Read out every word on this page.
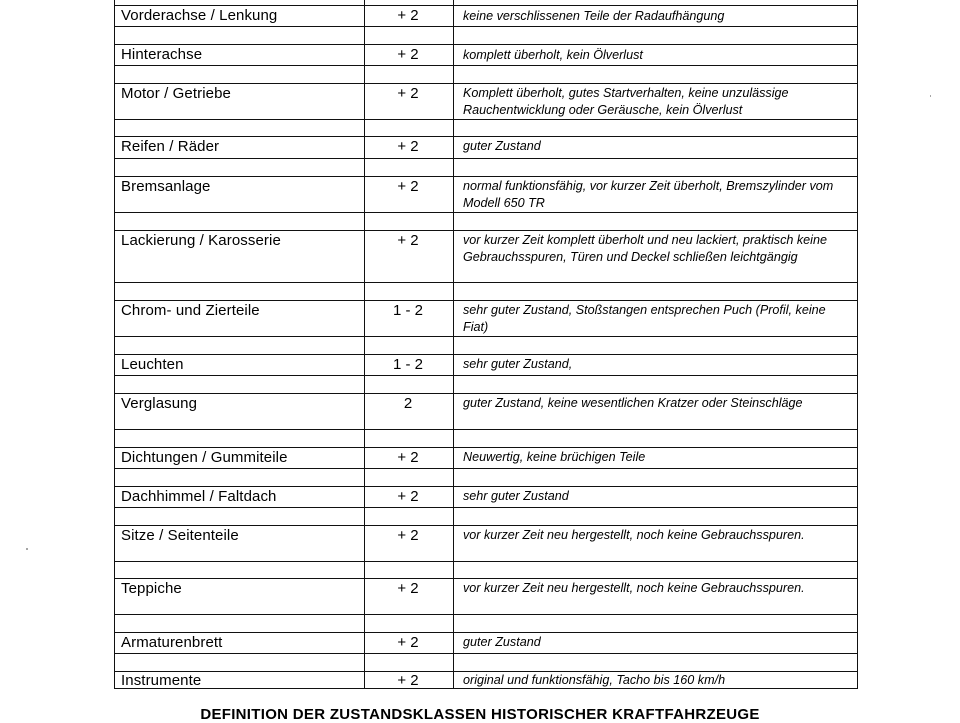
Vorderachse / Lenkung	+ 2	keine verschlissenen Teile der Radaufhängung
Hinterachse	+ 2	komplett überholt, kein Ölverlust
Motor / Getriebe	+ 2	Komplett überholt, gutes Startverhalten, keine unzulässige Rauchentwicklung oder Geräusche, kein Ölverlust
Reifen / Räder	+ 2	guter Zustand
Bremsanlage	+ 2	normal funktionsfähig, vor kurzer Zeit überholt, Bremszylinder vom Modell 650 TR
Lackierung / Karosserie	+ 2	vor kurzer Zeit komplett überholt und neu lackiert, praktisch keine Gebrauchsspuren, Türen und Deckel schließen leichtgängig
Chrom- und Zierteile	1 - 2	sehr guter Zustand, Stoßstangen entsprechen Puch (Profil, keine Fiat)
Leuchten	1 - 2	sehr guter Zustand,
Verglasung	2	guter Zustand, keine wesentlichen Kratzer oder Steinschläge
Dichtungen / Gummiteile	+ 2	Neuwertig, keine brüchigen Teile
Dachhimmel / Faltdach	+ 2	sehr guter Zustand
Sitze / Seitenteile	+ 2	vor kurzer Zeit neu hergestellt, noch keine Gebrauchsspuren.
Teppiche	+ 2	vor kurzer Zeit neu hergestellt, noch keine Gebrauchsspuren.
Armaturenbrett	+ 2	guter Zustand
Instrumente	+ 2	original und funktionsfähig, Tacho bis 160 km/h
DEFINITION DER ZUSTANDSKLASSEN HISTORISCHER KRAFTFAHRZEUGE
